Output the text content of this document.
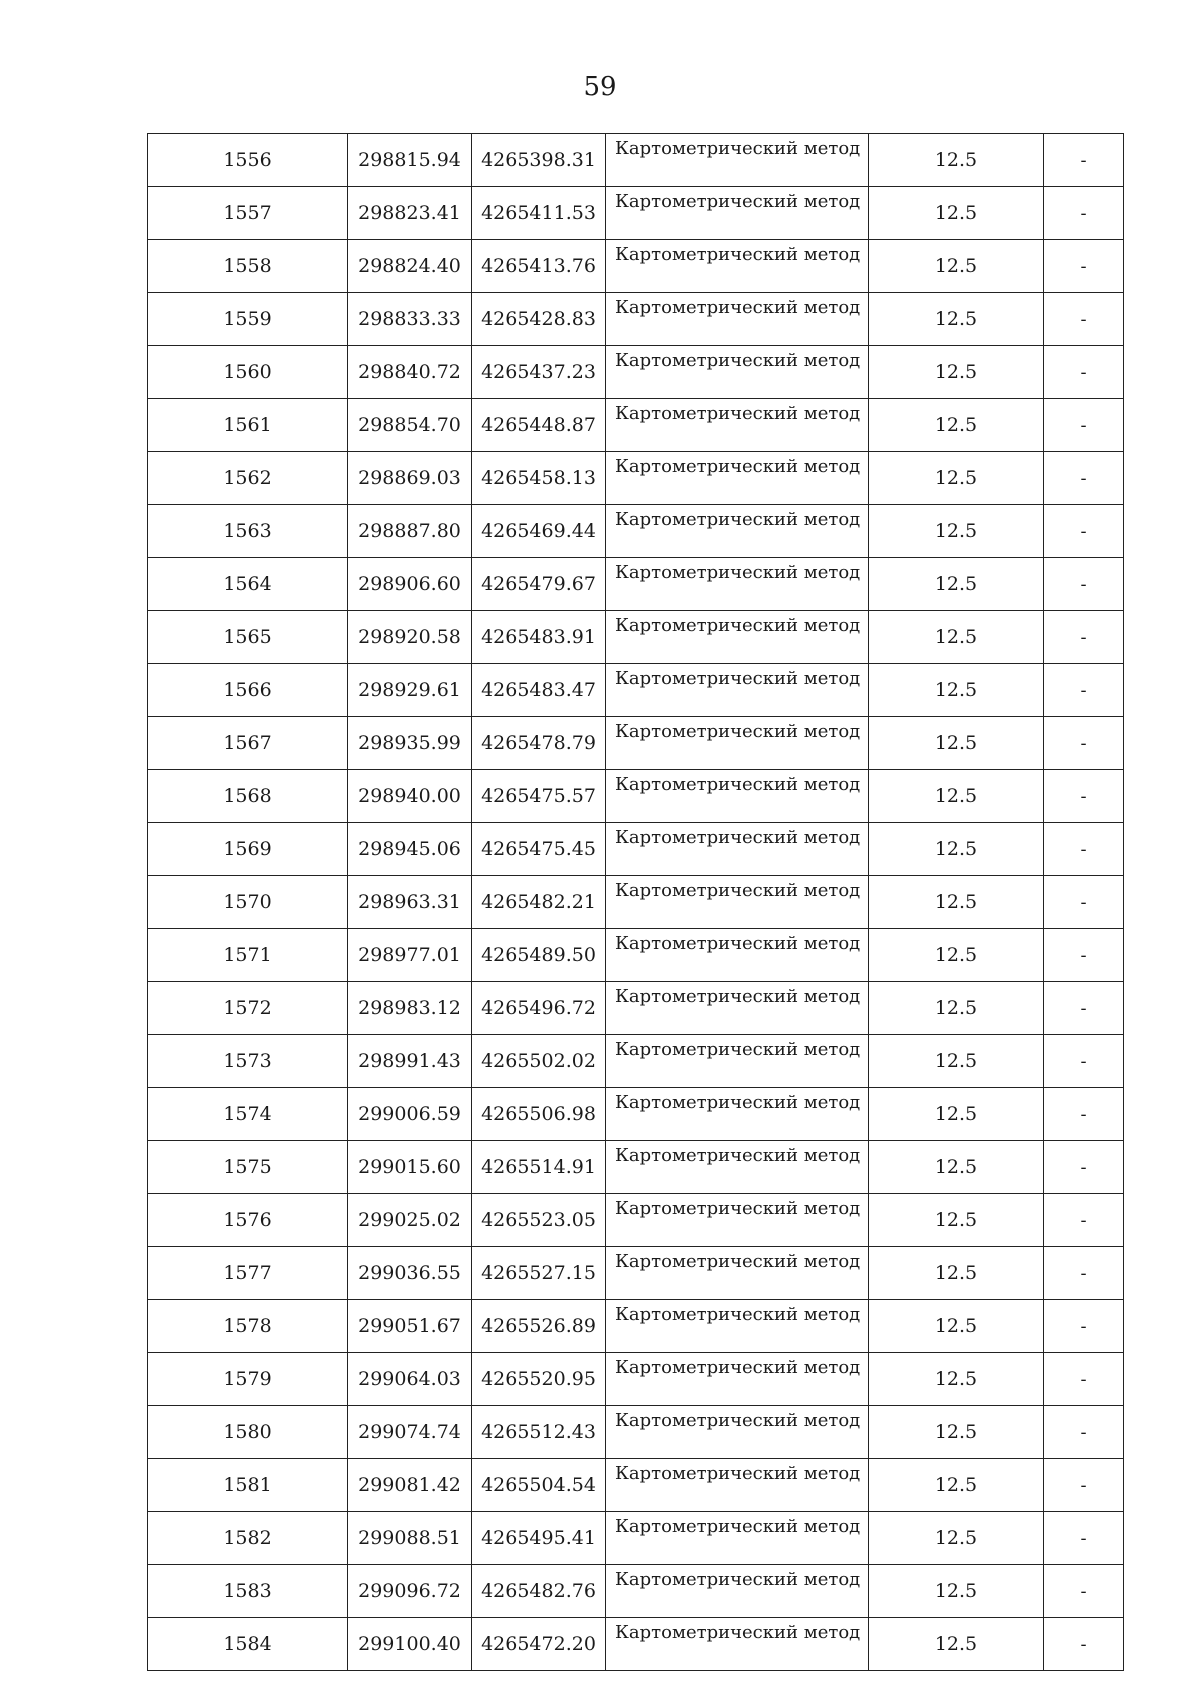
59
1556	298815.94	4265398.31	Картометрический метод	12.5	-
1557	298823.41	4265411.53	Картометрический метод	12.5	-
1558	298824.40	4265413.76	Картометрический метод	12.5	-
1559	298833.33	4265428.83	Картометрический метод	12.5	-
1560	298840.72	4265437.23	Картометрический метод	12.5	-
1561	298854.70	4265448.87	Картометрический метод	12.5	-
1562	298869.03	4265458.13	Картометрический метод	12.5	-
1563	298887.80	4265469.44	Картометрический метод	12.5	-
1564	298906.60	4265479.67	Картометрический метод	12.5	-
1565	298920.58	4265483.91	Картометрический метод	12.5	-
1566	298929.61	4265483.47	Картометрический метод	12.5	-
1567	298935.99	4265478.79	Картометрический метод	12.5	-
1568	298940.00	4265475.57	Картометрический метод	12.5	-
1569	298945.06	4265475.45	Картометрический метод	12.5	-
1570	298963.31	4265482.21	Картометрический метод	12.5	-
1571	298977.01	4265489.50	Картометрический метод	12.5	-
1572	298983.12	4265496.72	Картометрический метод	12.5	-
1573	298991.43	4265502.02	Картометрический метод	12.5	-
1574	299006.59	4265506.98	Картометрический метод	12.5	-
1575	299015.60	4265514.91	Картометрический метод	12.5	-
1576	299025.02	4265523.05	Картометрический метод	12.5	-
1577	299036.55	4265527.15	Картометрический метод	12.5	-
1578	299051.67	4265526.89	Картометрический метод	12.5	-
1579	299064.03	4265520.95	Картометрический метод	12.5	-
1580	299074.74	4265512.43	Картометрический метод	12.5	-
1581	299081.42	4265504.54	Картометрический метод	12.5	-
1582	299088.51	4265495.41	Картометрический метод	12.5	-
1583	299096.72	4265482.76	Картометрический метод	12.5	-
1584	299100.40	4265472.20	Картометрический метод	12.5	-
